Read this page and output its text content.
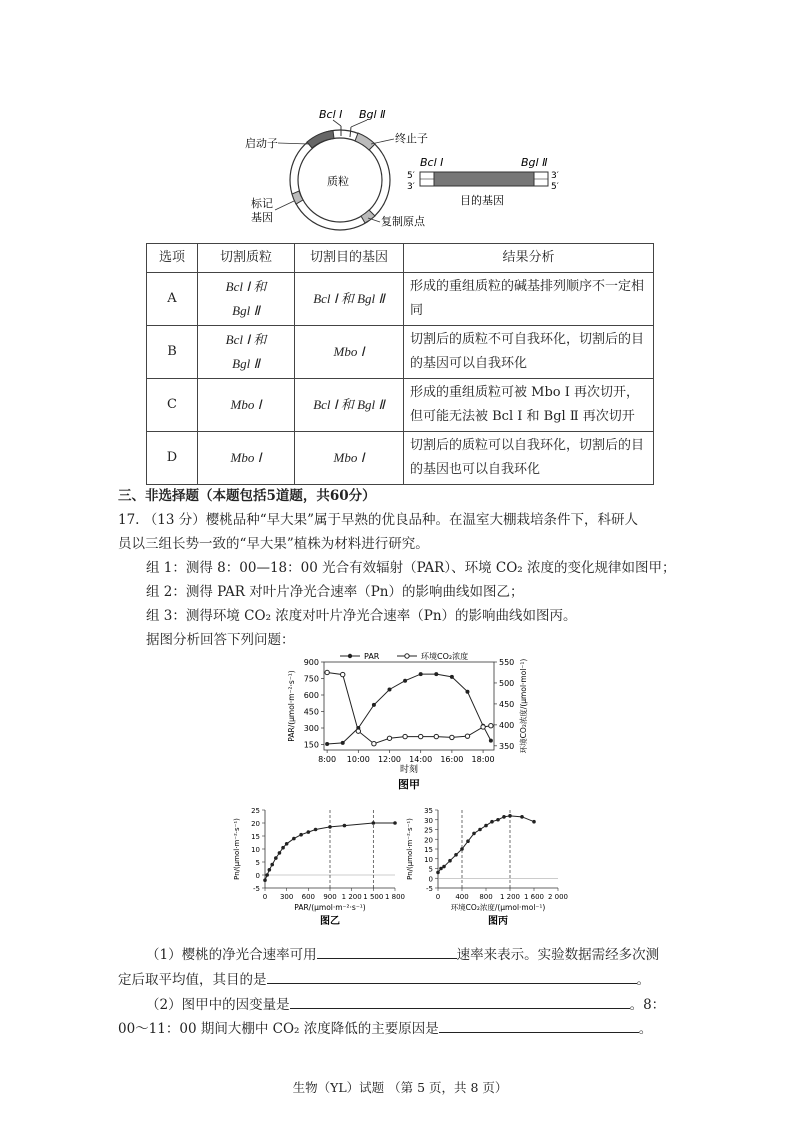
Bcl Ⅰ Bgl Ⅱ
启动子	终止子
质粒
标记
基因	复制原点
Bcl Ⅰ	Bgl Ⅱ
5′
3′
3′
5′
目的基因
选项	切割质粒	切割目的基因	结果分析
A	Bcl Ⅰ 和
Bgl Ⅱ	Bcl Ⅰ 和 Bgl Ⅱ	形成的重组质粒的碱基排列顺序不一定相同
B	Bcl Ⅰ 和
Bgl Ⅱ	Mbo Ⅰ	切割后的质粒不可自我环化，切割后的目的基因可以自我环化
C	Mbo Ⅰ	Bcl Ⅰ 和 Bgl Ⅱ	形成的重组质粒可被 Mbo Ⅰ 再次切开，但可能无法被 Bcl Ⅰ 和 Bgl Ⅱ 再次切开
D	Mbo Ⅰ	Mbo Ⅰ	切割后的质粒可以自我环化，切割后的目的基因也可以自我环化
三、非选择题（本题包括5道题，共60分）
17. （13 分）樱桃品种“早大果”属于早熟的优良品种。在温室大棚栽培条件下，科研人
员以三组长势一致的“早大果”植株为材料进行研究。
组 1：测得 8：00—18：00 光合有效辐射（PAR）、环境 CO₂ 浓度的变化规律如图甲；
组 2：测得 PAR 对叶片净光合速率（Pn）的影响曲线如图乙；
组 3：测得环境 CO₂ 浓度对叶片净光合速率（Pn）的影响曲线如图丙。
据图分析回答下列问题：
150
300
450
600
750
900
350
400
450
500
550
8:00 10:00 12:00 14:00 16:00 18:00
时刻
图甲
PAR/(μmol·m⁻²·s⁻¹)	环境CO₂浓度/(μmol·mol⁻¹)
PAR	环境CO₂浓度
-5
0
5
10
15
20
25
0 300 600 900 1 200 1 500 1 800
PAR/(μmol·m⁻²·s⁻¹)
图乙
Pn/(μmol·m⁻²·s⁻¹)
-5
0
5
10
15
20
25
30
35
0 400 800 1 200 1 600 2 000
环境CO₂浓度/(μmol·mol⁻¹)
图丙
Pn/(μmol·m⁻²·s⁻¹)
（1）樱桃的净光合速率可用	速率来表示。实验数据需经多次测
定后取平均值，其目的是	。
（2）图甲中的因变量是	。8：
00～11：00 期间大棚中 CO₂ 浓度降低的主要原因是	。
生物（YL）试题 （第 5 页，共 8 页）
